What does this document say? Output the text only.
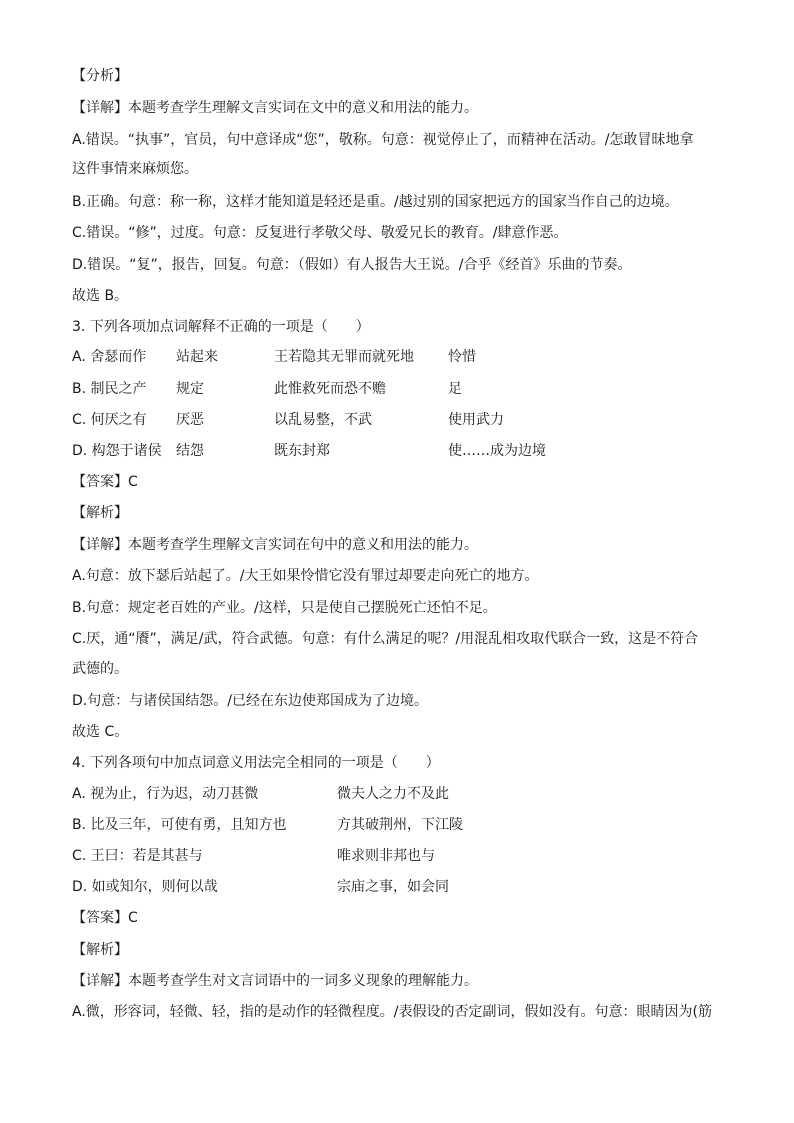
【分析】
【详解】本题考查学生理解文言实词在文中的意义和用法的能力。
A.错误。“执事”，官员，句中意译成“您”，敬称。句意：视觉停止了，而精神在活动。/怎敢冒昧地拿
这件事情来麻烦您。
B.正确。句意：称一称，这样才能知道是轻还是重。/越过别的国家把远方的国家当作自己的边境。
C.错误。“修”，过度。句意：反复进行孝敬父母、敬爱兄长的教育。/肆意作恶。
D.错误。“复”，报告，回复。句意：（假如）有人报告大王说。/合乎《经首》乐曲的节奏。
故选 B。
3. 下列各项加点词解释不正确的一项是（　　）
A. 舍瑟而作 站起来	王若隐其无罪而就死地 怜惜
B. 制民之产 规定	此惟救死而恐不赡	足
C. 何厌之有 厌恶	以乱易整，不武	使用武力
D. 构怨于诸侯 结怨	既东封郑	使……成为边境
【答案】C
【解析】
【详解】本题考查学生理解文言实词在句中的意义和用法的能力。
A.句意：放下瑟后站起了。/大王如果怜惜它没有罪过却要走向死亡的地方。
B.句意：规定老百姓的产业。/这样，只是使自己摆脱死亡还怕不足。
C.厌，通“餍”，满足/武，符合武德。句意：有什么满足的呢？/用混乱相攻取代联合一致，这是不符合
武德的。
D.句意：与诸侯国结怨。/已经在东边使郑国成为了边境。
故选 C。
4. 下列各项句中加点词意义用法完全相同的一项是（　　）
A. 视为止，行为迟，动刀甚微	微夫人之力不及此
B. 比及三年，可使有勇，且知方也	方其破荆州，下江陵
C. 王曰：若是其甚与	唯求则非邦也与
D. 如或知尔，则何以哉	宗庙之事，如会同
【答案】C
【解析】
【详解】本题考查学生对文言词语中的一词多义现象的理解能力。
A.微，形容词，轻微、轻，指的是动作的轻微程度。/表假设的否定副词，假如没有。句意：眼睛因为(筋
